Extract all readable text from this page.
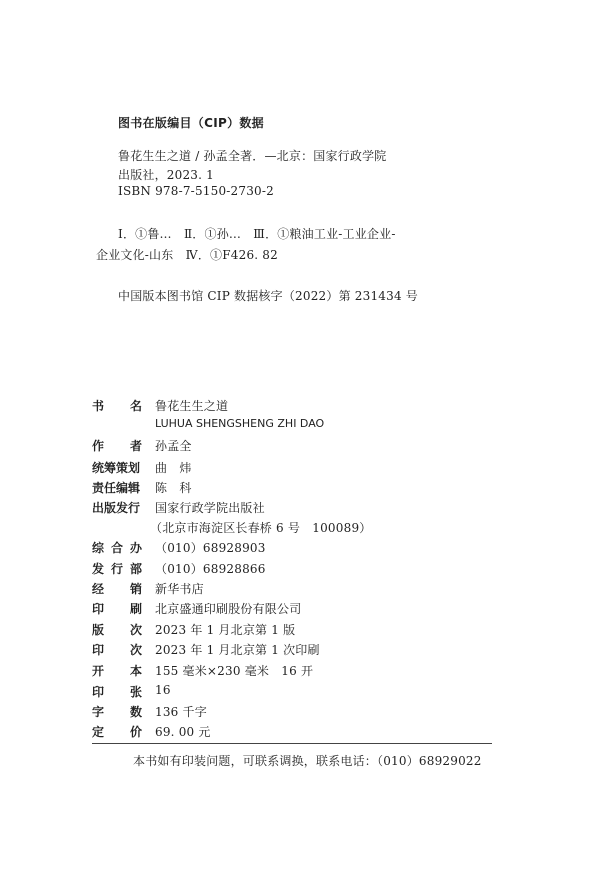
图书在版编目（CIP）数据
鲁花生生之道 / 孙孟全著．—北京：国家行政学院
出版社，2023. 1
ISBN 978-7-5150-2730-2
Ⅰ．①鲁…　Ⅱ．①孙…　Ⅲ．①粮油工业-工业企业-
企业文化-山东　Ⅳ．①F426. 82
中国版本图书馆 CIP 数据核字（2022）第 231434 号
书 名 鲁花生生之道
LUHUA SHENGSHENG ZHI DAO
作 者 孙孟全
统筹策划 曲　炜
责任编辑 陈　科
出版发行 国家行政学院出版社
（北京市海淀区长春桥 6 号　100089）
综 合 办 （010）68928903
发 行 部 （010）68928866
经 销 新华书店
印 刷 北京盛通印刷股份有限公司
版 次 2023 年 1 月北京第 1 版
印 次 2023 年 1 月北京第 1 次印刷
开 本 155 毫米×230 毫米　16 开
印 张 16
字 数 136 千字
定 价 69. 00 元
本书如有印装问题，可联系调换，联系电话：（010）68929022
